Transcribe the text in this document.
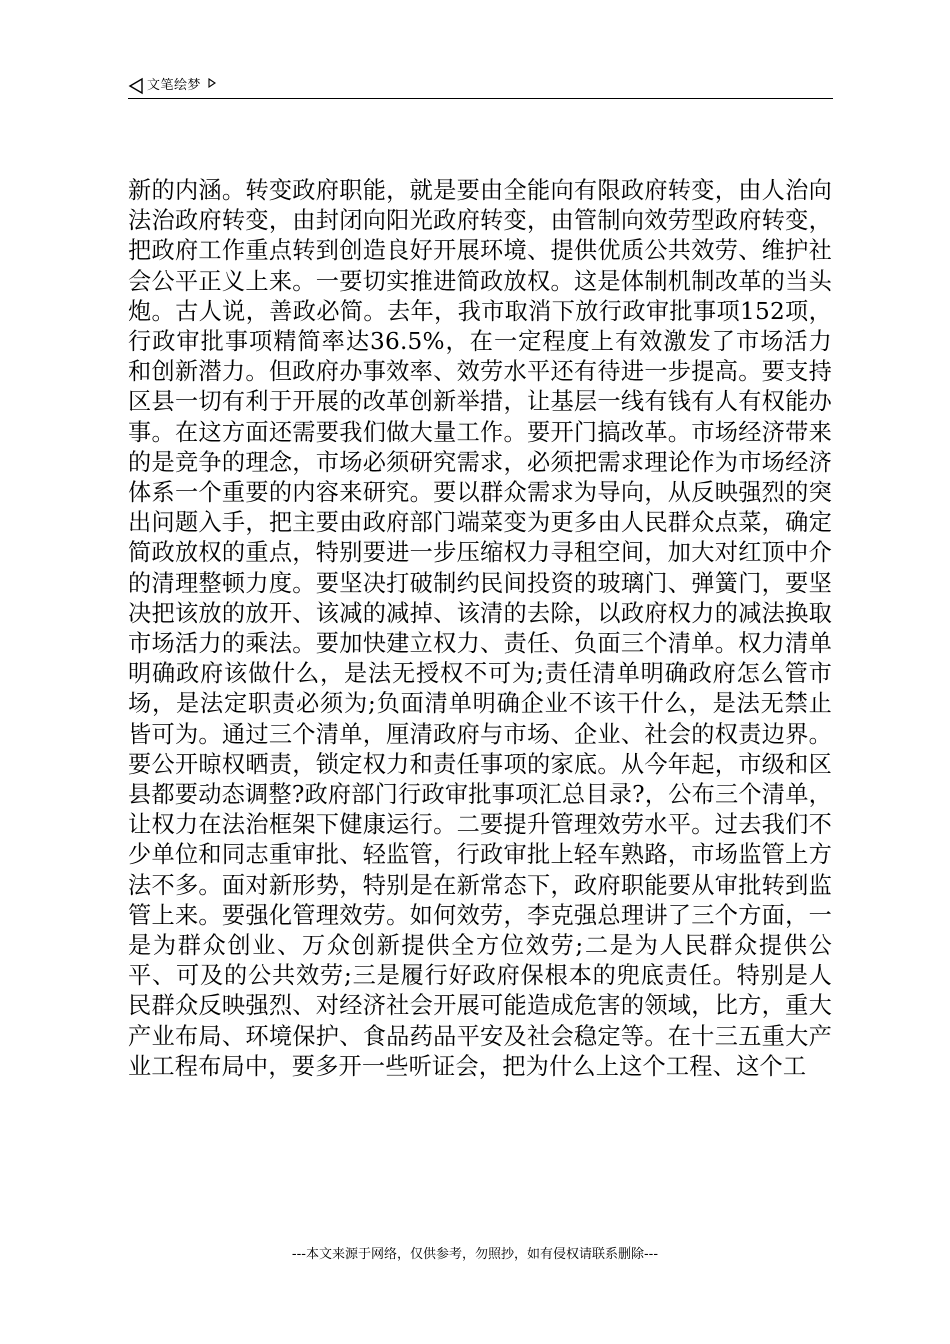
文笔绘梦

新的内涵。转变政府职能，就是要由全能向有限政府转变，由人治向法治政府转变，由封闭向阳光政府转变，由管制向效劳型政府转变，把政府工作重点转到创造良好开展环境、提供优质公共效劳、维护社会公平正义上来。一要切实推进简政放权。这是体制机制改革的当头炮。古人说，善政必简。去年，我市取消下放行政审批事项152项，行政审批事项精简率达36.5%，在一定程度上有效激发了市场活力和创新潜力。但政府办事效率、效劳水平还有待进一步提高。要支持区县一切有利于开展的改革创新举措，让基层一线有钱有人有权能办事。在这方面还需要我们做大量工作。要开门搞改革。市场经济带来的是竞争的理念，市场必须研究需求，必须把需求理论作为市场经济体系一个重要的内容来研究。要以群众需求为导向，从反映强烈的突出问题入手，把主要由政府部门端菜变为更多由人民群众点菜，确定简政放权的重点，特别要进一步压缩权力寻租空间，加大对红顶中介的清理整顿力度。要坚决打破制约民间投资的玻璃门、弹簧门，要坚决把该放的放开、该减的减掉、该清的去除，以政府权力的减法换取市场活力的乘法。要加快建立权力、责任、负面三个清单。权力清单明确政府该做什么，是法无授权不可为;责任清单明确政府怎么管市场，是法定职责必须为;负面清单明确企业不该干什么，是法无禁止皆可为。通过三个清单，厘清政府与市场、企业、社会的权责边界。要公开晾权晒责，锁定权力和责任事项的家底。从今年起，市级和区县都要动态调整?政府部门行政审批事项汇总目录?，公布三个清单，让权力在法治框架下健康运行。二要提升管理效劳水平。过去我们不少单位和同志重审批、轻监管，行政审批上轻车熟路，市场监管上方法不多。面对新形势，特别是在新常态下，政府职能要从审批转到监管上来。要强化管理效劳。如何效劳，李克强总理讲了三个方面，一是为群众创业、万众创新提供全方位效劳;二是为人民群众提供公平、可及的公共效劳;三是履行好政府保根本的兜底责任。特别是人民群众反映强烈、对经济社会开展可能造成危害的领域，比方，重大产业布局、环境保护、食品药品平安及社会稳定等。在十三五重大产业工程布局中，要多开一些听证会，把为什么上这个工程、这个工

---本文来源于网络，仅供参考，勿照抄，如有侵权请联系删除---
